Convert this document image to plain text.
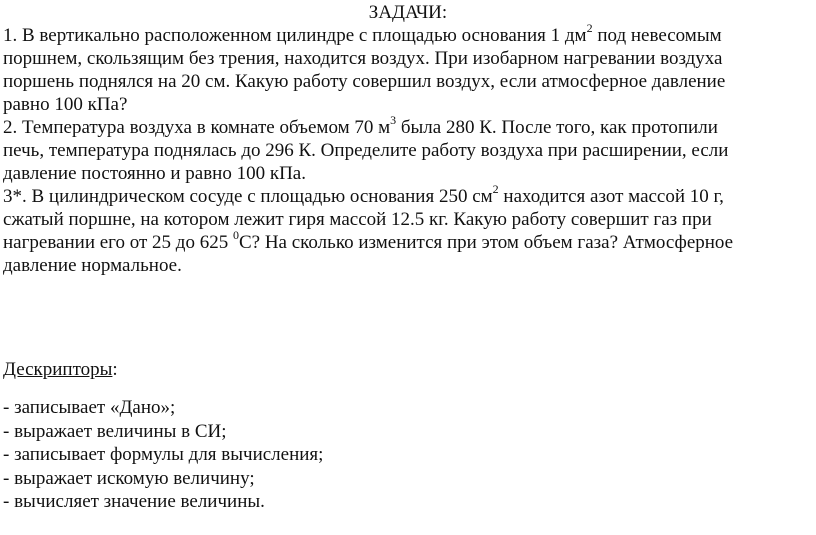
ЗАДАЧИ:
1. В вертикально расположенном цилиндре с площадью основания 1 $дм^2$ под невесомым
поршнем, скользящим без трения, находится воздух. При изобарном нагревании воздуха
поршень поднялся на 20 см. Какую работу совершил воздух, если атмосферное давление
равно 100 кПа?
2. Температура воздуха в комнате объемом 70 $м^3$ была 280 К. После того, как протопили
печь, температура поднялась до 296 К. Определите работу воздуха при расширении, если
давление постоянно и равно 100 кПа.
3*. В цилиндрическом сосуде с площадью основания 250 $см^2$ находится азот массой 10 г,
сжатый поршне, на котором лежит гиря массой 12.5 кг. Какую работу совершит газ при
нагревании его от 25 до 625 $^0$С? На сколько изменится при этом объем газа? Атмосферное
давление нормальное.
Дескрипторы:
- записывает «Дано»;
- выражает величины в СИ;
- записывает формулы для вычисления;
- выражает искомую величину;
- вычисляет значение величины.
